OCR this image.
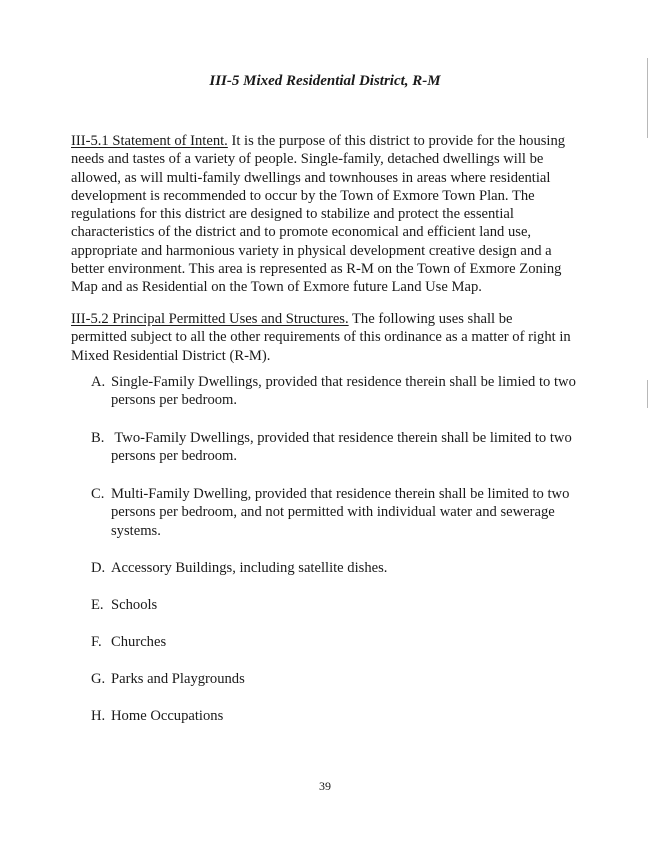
III-5 Mixed Residential District, R-M

III-5.1 Statement of Intent. It is the purpose of this district to provide for the housing needs and tastes of a variety of people. Single-family, detached dwellings will be allowed, as will multi-family dwellings and townhouses in areas where residential development is recommended to occur by the Town of Exmore Town Plan. The regulations for this district are designed to stabilize and protect the essential characteristics of the district and to promote economical and efficient land use, appropriate and harmonious variety in physical development creative design and a better environment. This area is represented as R-M on the Town of Exmore Zoning Map and as Residential on the Town of Exmore future Land Use Map.

III-5.2 Principal Permitted Uses and Structures. The following uses shall be permitted subject to all the other requirements of this ordinance as a matter of right in Mixed Residential District (R-M).

A. Single-Family Dwellings, provided that residence therein shall be limied to two persons per bedroom.
B. Two-Family Dwellings, provided that residence therein shall be limited to two persons per bedroom.
C. Multi-Family Dwelling, provided that residence therein shall be limited to two persons per bedroom, and not permitted with individual water and sewerage systems.
D. Accessory Buildings, including satellite dishes.
E. Schools
F. Churches
G. Parks and Playgrounds
H. Home Occupations
39
